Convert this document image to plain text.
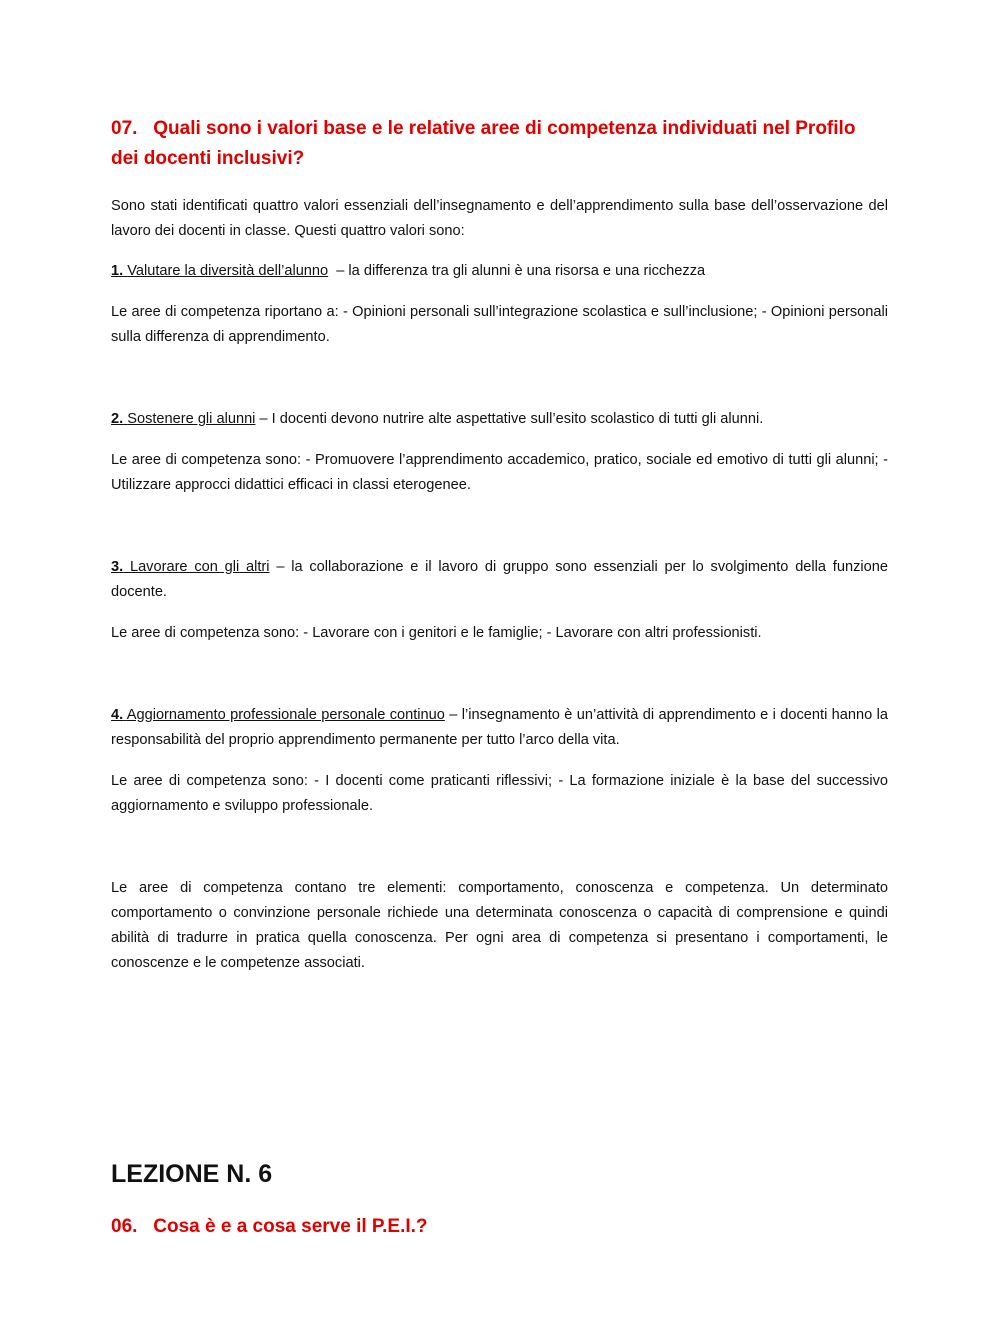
07. Quali sono i valori base e le relative aree di competenza individuati nel Profilo dei docenti inclusivi?
Sono stati identificati quattro valori essenziali dell’insegnamento e dell’apprendimento sulla base dell’osservazione del lavoro dei docenti in classe. Questi quattro valori sono:
1. Valutare la diversità dell’alunno – la differenza tra gli alunni è una risorsa e una ricchezza
Le aree di competenza riportano a: - Opinioni personali sull’integrazione scolastica e sull’inclusione; - Opinioni personali sulla differenza di apprendimento.
2. Sostenere gli alunni – I docenti devono nutrire alte aspettative sull’esito scolastico di tutti gli alunni.
Le aree di competenza sono: - Promuovere l’apprendimento accademico, pratico, sociale ed emotivo di tutti gli alunni; - Utilizzare approcci didattici efficaci in classi eterogenee.
3. Lavorare con gli altri – la collaborazione e il lavoro di gruppo sono essenziali per lo svolgimento della funzione docente.
Le aree di competenza sono: - Lavorare con i genitori e le famiglie; - Lavorare con altri professionisti.
4. Aggiornamento professionale personale continuo – l’insegnamento è un’attività di apprendimento e i docenti hanno la responsabilità del proprio apprendimento permanente per tutto l’arco della vita.
Le aree di competenza sono: - I docenti come praticanti riflessivi; - La formazione iniziale è la base del successivo aggiornamento e sviluppo professionale.
Le aree di competenza contano tre elementi: comportamento, conoscenza e competenza. Un determinato comportamento o convinzione personale richiede una determinata conoscenza o capacità di comprensione e quindi abilità di tradurre in pratica quella conoscenza. Per ogni area di competenza si presentano i comportamenti, le conoscenze e le competenze associati.
LEZIONE N. 6
06. Cosa è e a cosa serve il P.E.I.?
